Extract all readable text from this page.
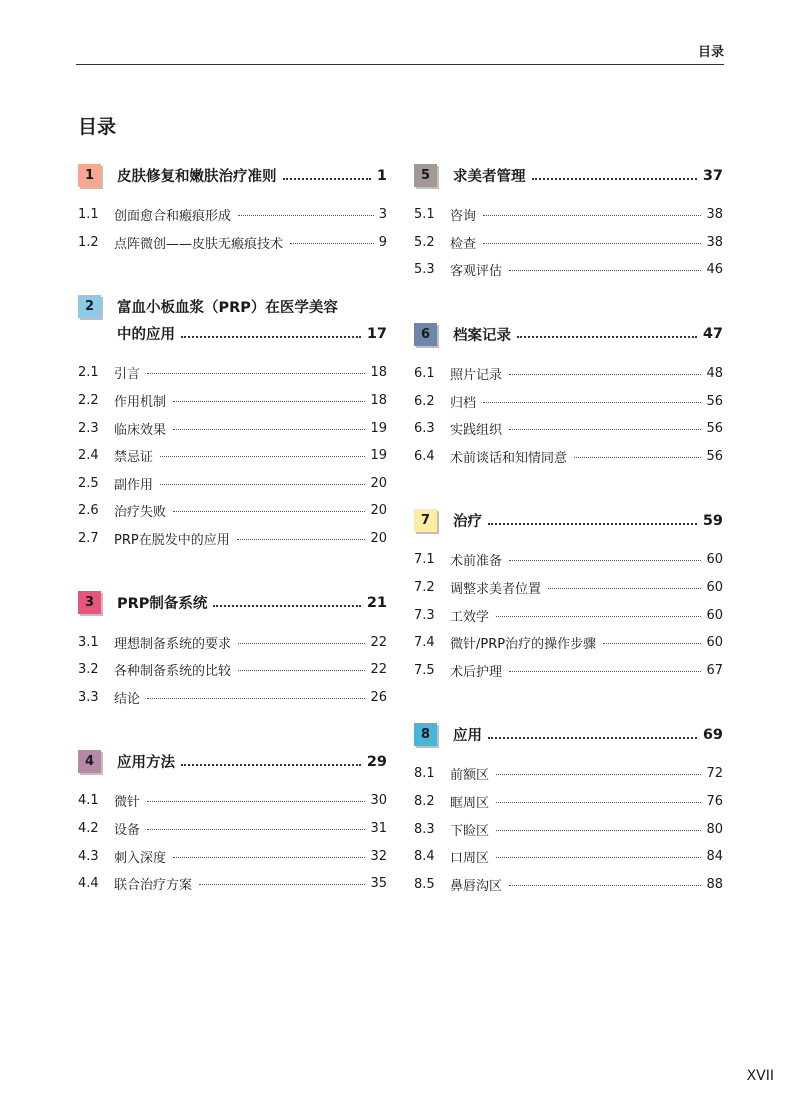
目录
目录
1	皮肤修复和嫩肤治疗准则	1
1.1	创面愈合和瘢痕形成	3
1.2	点阵微创——皮肤无瘢痕技术	9
2	富血小板血浆（PRP）在医学美容
中的应用	17
2.1	引言	18
2.2	作用机制	18
2.3	临床效果	19
2.4	禁忌证	19
2.5	副作用	20
2.6	治疗失败	20
2.7	PRP在脱发中的应用	20
3	PRP制备系统	21
3.1	理想制备系统的要求	22
3.2	各种制备系统的比较	22
3.3	结论	26
4	应用方法	29
4.1	微针	30
4.2	设备	31
4.3	刺入深度	32
4.4	联合治疗方案	35
5	求美者管理	37
5.1	咨询	38
5.2	检查	38
5.3	客观评估	46
6	档案记录	47
6.1	照片记录	48
6.2	归档	56
6.3	实践组织	56
6.4	术前谈话和知情同意	56
7	治疗	59
7.1	术前准备	60
7.2	调整求美者位置	60
7.3	工效学	60
7.4	微针/PRP治疗的操作步骤	60
7.5	术后护理	67
8	应用	69
8.1	前额区	72
8.2	眶周区	76
8.3	下睑区	80
8.4	口周区	84
8.5	鼻唇沟区	88
XVII
